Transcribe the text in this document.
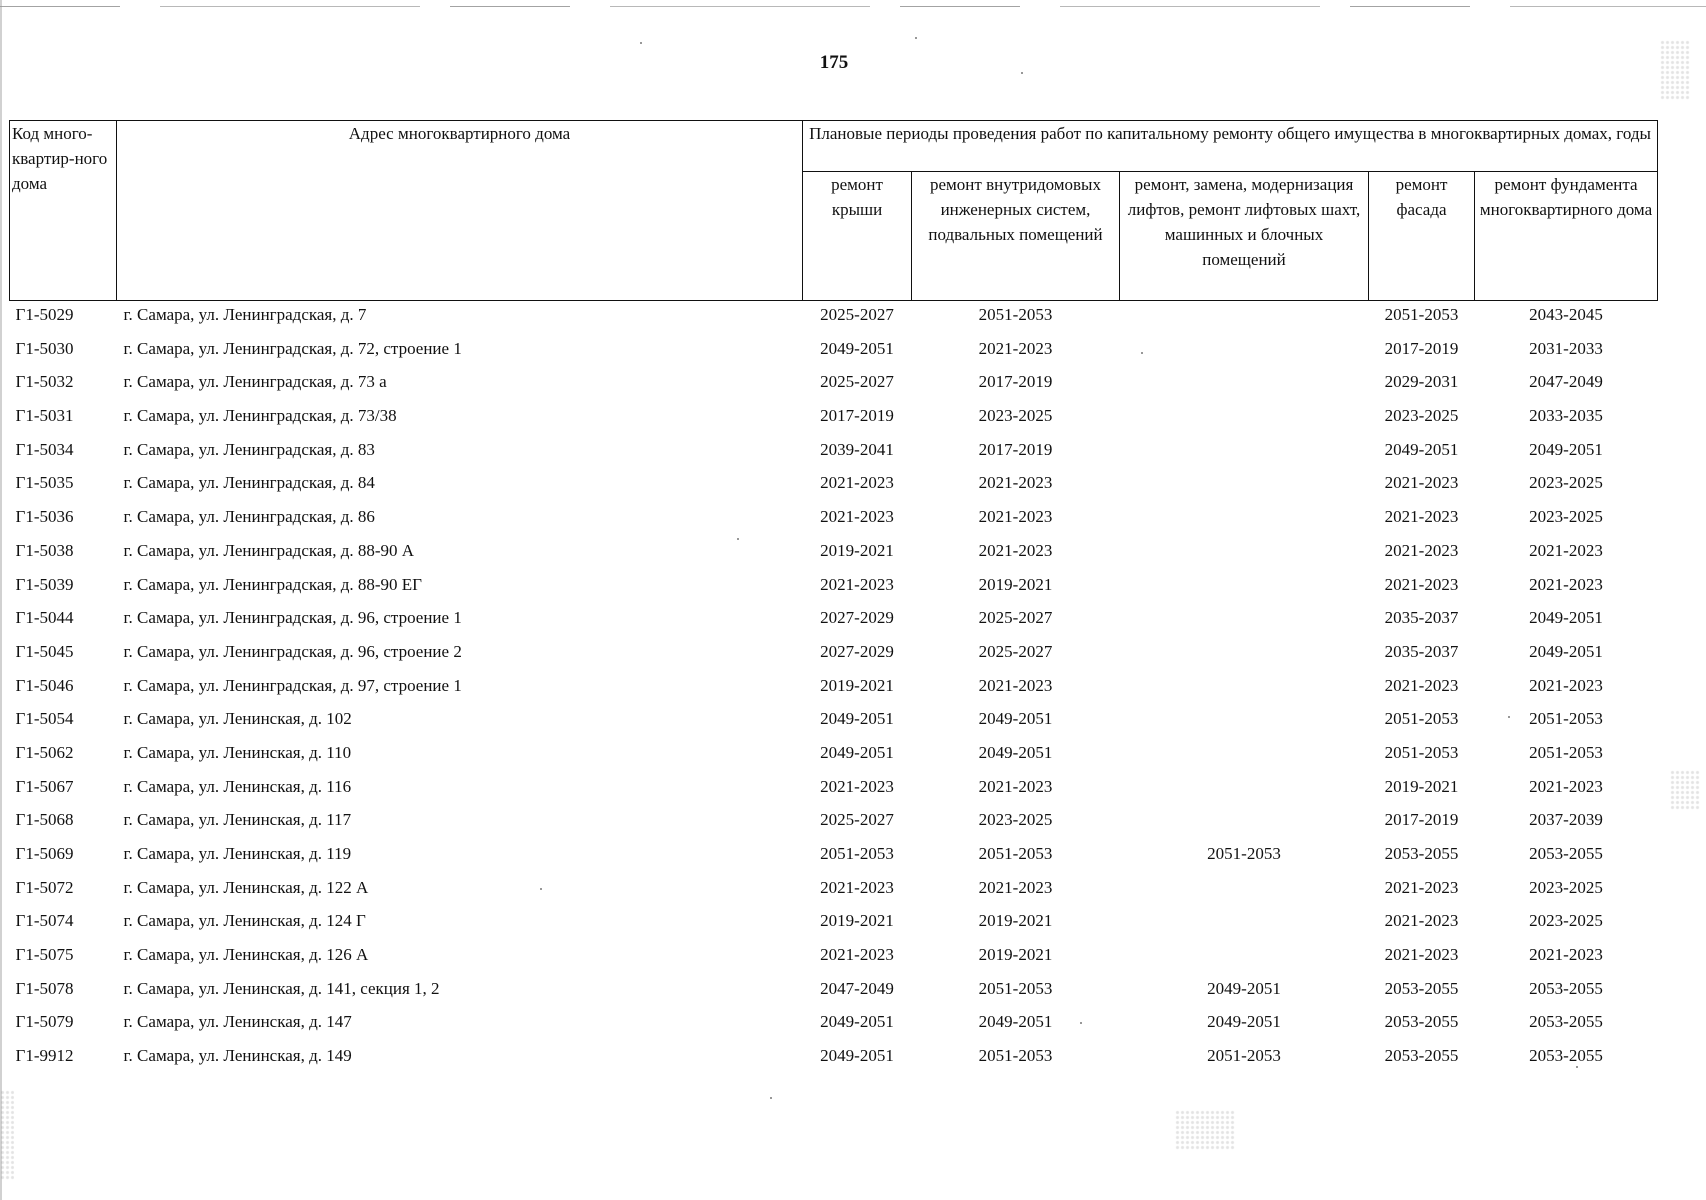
175
Код много-квартир-ного дома	Адрес многоквартирного дома	Плановые периоды проведения работ по капитальному ремонту общего имущества в многоквартирных домах, годы				
		ремонт крыши	ремонт внутридомовых инженерных систем, подвальных помещений	ремонт, замена, модернизация лифтов, ремонт лифтовых шахт, машинных и блочных помещений	ремонт фасада	ремонт фундамента многоквартирного дома
Г1-5029	г. Самара, ул. Ленинградская, д. 7	2025-2027	2051-2053		2051-2053	2043-2045
Г1-5030	г. Самара, ул. Ленинградская, д. 72, строение 1	2049-2051	2021-2023		2017-2019	2031-2033
Г1-5032	г. Самара, ул. Ленинградская, д. 73 а	2025-2027	2017-2019		2029-2031	2047-2049
Г1-5031	г. Самара, ул. Ленинградская, д. 73/38	2017-2019	2023-2025		2023-2025	2033-2035
Г1-5034	г. Самара, ул. Ленинградская, д. 83	2039-2041	2017-2019		2049-2051	2049-2051
Г1-5035	г. Самара, ул. Ленинградская, д. 84	2021-2023	2021-2023		2021-2023	2023-2025
Г1-5036	г. Самара, ул. Ленинградская, д. 86	2021-2023	2021-2023		2021-2023	2023-2025
Г1-5038	г. Самара, ул. Ленинградская, д. 88-90 А	2019-2021	2021-2023		2021-2023	2021-2023
Г1-5039	г. Самара, ул. Ленинградская, д. 88-90 ЕГ	2021-2023	2019-2021		2021-2023	2021-2023
Г1-5044	г. Самара, ул. Ленинградская, д. 96, строение 1	2027-2029	2025-2027		2035-2037	2049-2051
Г1-5045	г. Самара, ул. Ленинградская, д. 96, строение 2	2027-2029	2025-2027		2035-2037	2049-2051
Г1-5046	г. Самара, ул. Ленинградская, д. 97, строение 1	2019-2021	2021-2023		2021-2023	2021-2023
Г1-5054	г. Самара, ул. Ленинская, д. 102	2049-2051	2049-2051		2051-2053	2051-2053
Г1-5062	г. Самара, ул. Ленинская, д. 110	2049-2051	2049-2051		2051-2053	2051-2053
Г1-5067	г. Самара, ул. Ленинская, д. 116	2021-2023	2021-2023		2019-2021	2021-2023
Г1-5068	г. Самара, ул. Ленинская, д. 117	2025-2027	2023-2025		2017-2019	2037-2039
Г1-5069	г. Самара, ул. Ленинская, д. 119	2051-2053	2051-2053	2051-2053	2053-2055	2053-2055
Г1-5072	г. Самара, ул. Ленинская, д. 122 А	2021-2023	2021-2023		2021-2023	2023-2025
Г1-5074	г. Самара, ул. Ленинская, д. 124 Г	2019-2021	2019-2021		2021-2023	2023-2025
Г1-5075	г. Самара, ул. Ленинская, д. 126 А	2021-2023	2019-2021		2021-2023	2021-2023
Г1-5078	г. Самара, ул. Ленинская, д. 141, секция 1, 2	2047-2049	2051-2053	2049-2051	2053-2055	2053-2055
Г1-5079	г. Самара, ул. Ленинская, д. 147	2049-2051	2049-2051	2049-2051	2053-2055	2053-2055
Г1-9912	г. Самара, ул. Ленинская, д. 149	2049-2051	2051-2053	2051-2053	2053-2055	2053-2055
